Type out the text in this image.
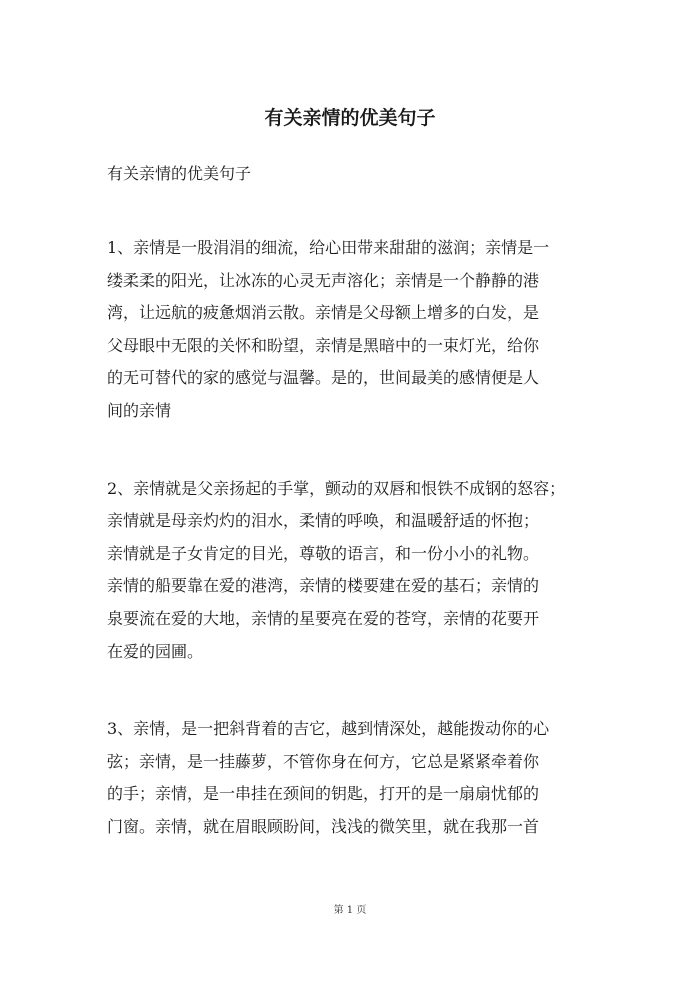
有关亲情的优美句子

有关亲情的优美句子

1、亲情是一股涓涓的细流，给心田带来甜甜的滋润；亲情是一
缕柔柔的阳光，让冰冻的心灵无声溶化；亲情是一个静静的港
湾，让远航的疲惫烟消云散。亲情是父母额上增多的白发，是
父母眼中无限的关怀和盼望，亲情是黑暗中的一束灯光，给你
的无可替代的家的感觉与温馨。是的，世间最美的感情便是人
间的亲情

2、亲情就是父亲扬起的手掌，颤动的双唇和恨铁不成钢的怒容；
亲情就是母亲灼灼的泪水，柔情的呼唤，和温暖舒适的怀抱；
亲情就是子女肯定的目光，尊敬的语言，和一份小小的礼物。
亲情的船要靠在爱的港湾，亲情的楼要建在爱的基石；亲情的
泉要流在爱的大地，亲情的星要亮在爱的苍穹，亲情的花要开
在爱的园圃。

3、亲情，是一把斜背着的吉它，越到情深处，越能拨动你的心
弦；亲情，是一挂藤萝，不管你身在何方，它总是紧紧牵着你
的手；亲情，是一串挂在颈间的钥匙，打开的是一扇扇忧郁的
门窗。亲情，就在眉眼顾盼间，浅浅的微笑里，就在我那一首

第 1 页
